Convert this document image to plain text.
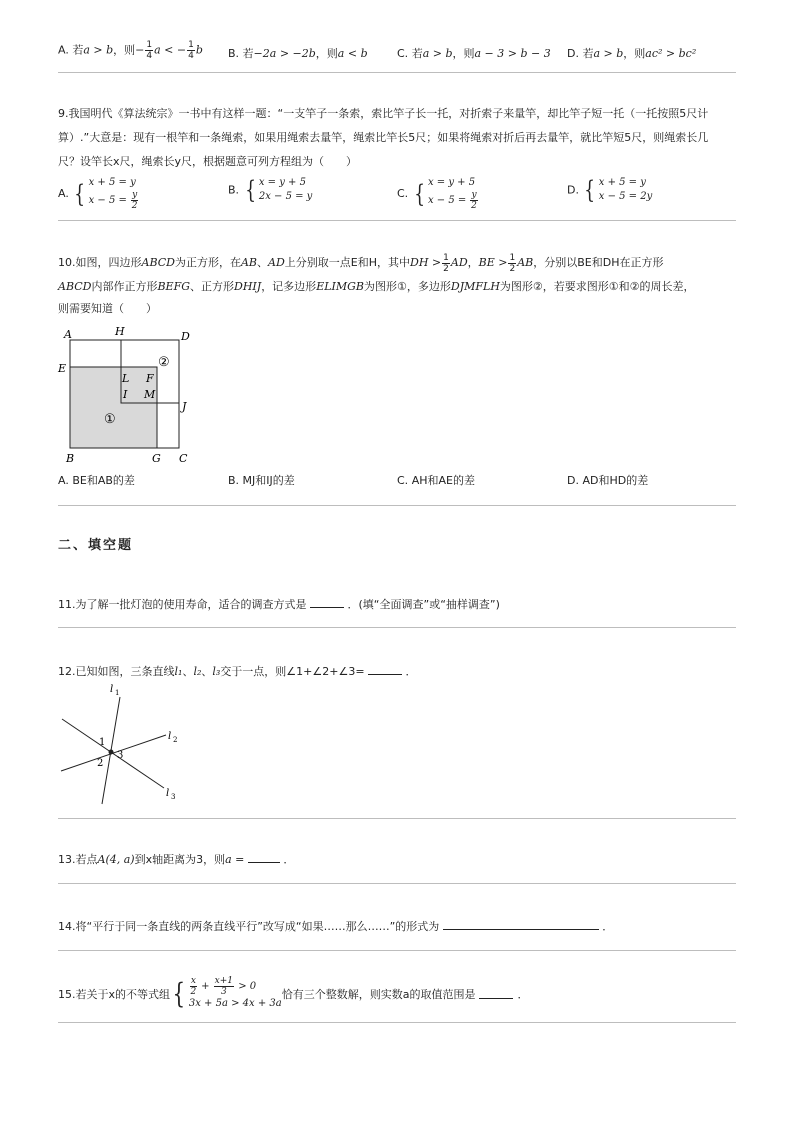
A. 若a > b，则− $\frac{1}{4}$ a < − $\frac{1}{4}$ b B. 若−2a > −2b，则a < b	C. 若a > b，则a − 3 > b − 3 D. 若a > b，则ac² > bc²
9.我国明代《算法统宗》一书中有这样一题：“一支竿子一条索，索比竿子长一托，对折索子来量竿，却比竿子短一托（一托按照5尺计
算）.”大意是：现有一根竿和一条绳索，如果用绳索去量竿，绳索比竿长5尺；如果将绳索对折后再去量竿，就比竿短5尺，则绳索长几
尺？设竿长x尺，绳索长y尺，根据题意可列方程组为（　　）
A. { x + 5 = y
$x - 5 = \frac{y}{2}$	B. { x = y + 5
2x − 5 = y	C. { x = y + 5
$x - 5 = \frac{y}{2}$	D. { x + 5 = y
x − 5 = 2y
10.如图，四边形ABCD为正方形，在AB、AD上分别取一点E和H，其中DH > $\frac{1}{2}$ AD，BE > $\frac{1}{2}$ AB，分别以BE和DH在正方形
ABCD内部作正方形BEFG、正方形DHIJ，记多边形ELIMGB为图形①，多边形DJMFLH为图形②，若要求图形①和②的周长差，
则需要知道（　　）
A	H	D
E
L F
I M
J
B	G C
①
②
A. BE和AB的差	B. MJ和IJ的差	C. AH和AE的差	D. AD和HD的差
二、填空题
11.为了解一批灯泡的使用寿命，适合的调查方式是	．(填“全面调查”或“抽样调查”)
12.已知如图，三条直线l₁、l₂、l₃交于一点，则∠1+∠2+∠3=	．
l 1
l 2
l 3
1
2
3
13.若点A(4, a)到x轴距离为3，则a =	．
14.将“平行于同一条直线的两条直线平行”改写成“如果……那么……”的形式为	．
15.若关于x的不等式组 { $\frac{x}{2} + \frac{x+1}{3} > 0$
3x + 5a > 4x + 3a
恰有三个整数解，则实数a的取值范围是	．
